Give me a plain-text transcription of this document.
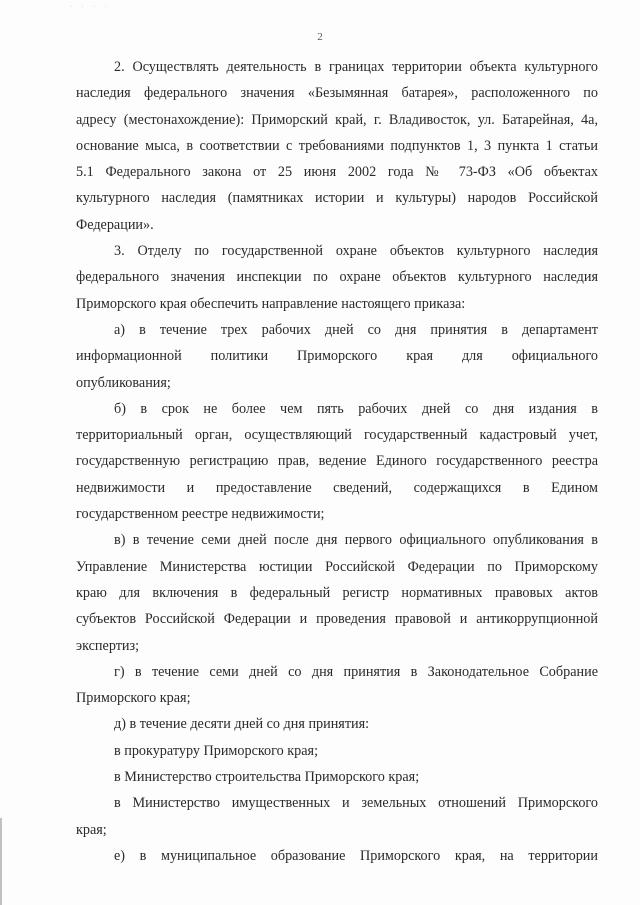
· · · ·
2
2. Осуществлять деятельность в границах территории объекта культурного
наследия федерального значения «Безымянная батарея», расположенного по
адресу (местонахождение): Приморский край, г. Владивосток, ул. Батарейная, 4а,
основание мыса, в соответствии с требованиями подпунктов 1, 3 пункта 1 статьи
5.1 Федерального закона от 25 июня 2002 года № 73-ФЗ «Об объектах
культурного наследия (памятниках истории и культуры) народов Российской
Федерации».
3. Отделу по государственной охране объектов культурного наследия
федерального значения инспекции по охране объектов культурного наследия
Приморского края обеспечить направление настоящего приказа:
а) в течение трех рабочих дней со дня принятия в департамент
информационной политики Приморского края для официального
опубликования;
б) в срок не более чем пять рабочих дней со дня издания в
территориальный орган, осуществляющий государственный кадастровый учет,
государственную регистрацию прав, ведение Единого государственного реестра
недвижимости и предоставление сведений, содержащихся в Едином
государственном реестре недвижимости;
в) в течение семи дней после дня первого официального опубликования в
Управление Министерства юстиции Российской Федерации по Приморскому
краю для включения в федеральный регистр нормативных правовых актов
субъектов Российской Федерации и проведения правовой и антикоррупционной
экспертиз;
г) в течение семи дней со дня принятия в Законодательное Собрание
Приморского края;
д) в течение десяти дней со дня принятия:
в прокуратуру Приморского края;
в Министерство строительства Приморского края;
в Министерство имущественных и земельных отношений Приморского
края;
е) в муниципальное образование Приморского края, на территории
